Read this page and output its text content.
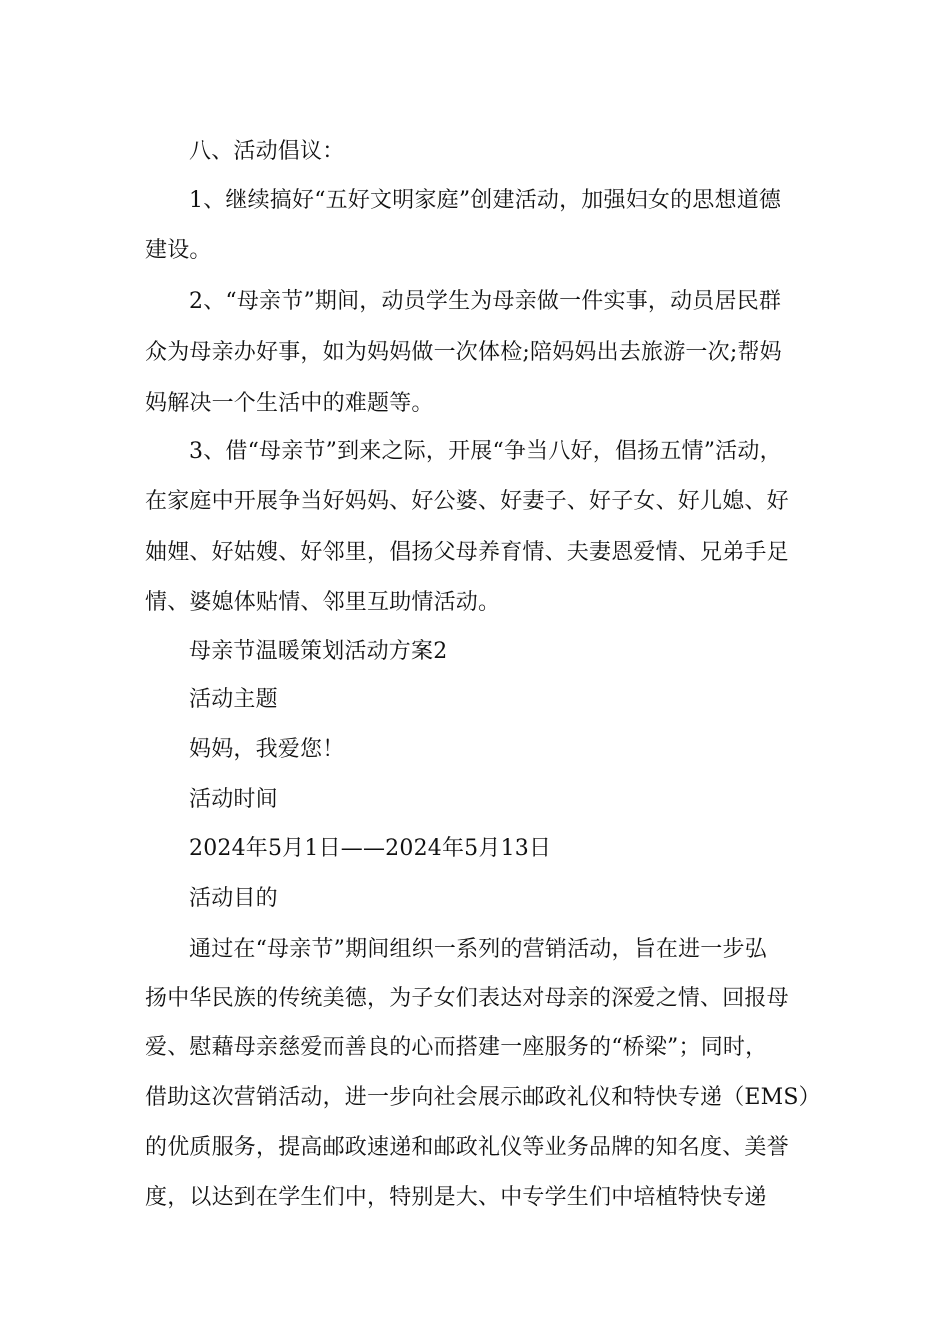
八、活动倡议：
1、继续搞好“五好文明家庭”创建活动，加强妇女的思想道德
建设。
2、“母亲节”期间，动员学生为母亲做一件实事，动员居民群
众为母亲办好事，如为妈妈做一次体检;陪妈妈出去旅游一次;帮妈
妈解决一个生活中的难题等。
3、借“母亲节”到来之际，开展“争当八好，倡扬五情”活动，
在家庭中开展争当好妈妈、好公婆、好妻子、好子女、好儿媳、好
妯娌、好姑嫂、好邻里，倡扬父母养育情、夫妻恩爱情、兄弟手足
情、婆媳体贴情、邻里互助情活动。
母亲节温暖策划活动方案2
活动主题
妈妈，我爱您！
活动时间
2024年5月1日——2024年5月13日
活动目的
通过在“母亲节”期间组织一系列的营销活动，旨在进一步弘
扬中华民族的传统美德，为子女们表达对母亲的深爱之情、回报母
爱、慰藉母亲慈爱而善良的心而搭建一座服务的“桥梁”；同时，
借助这次营销活动，进一步向社会展示邮政礼仪和特快专递（EMS）
的优质服务，提高邮政速递和邮政礼仪等业务品牌的知名度、美誉
度，以达到在学生们中，特别是大、中专学生们中培植特快专递
